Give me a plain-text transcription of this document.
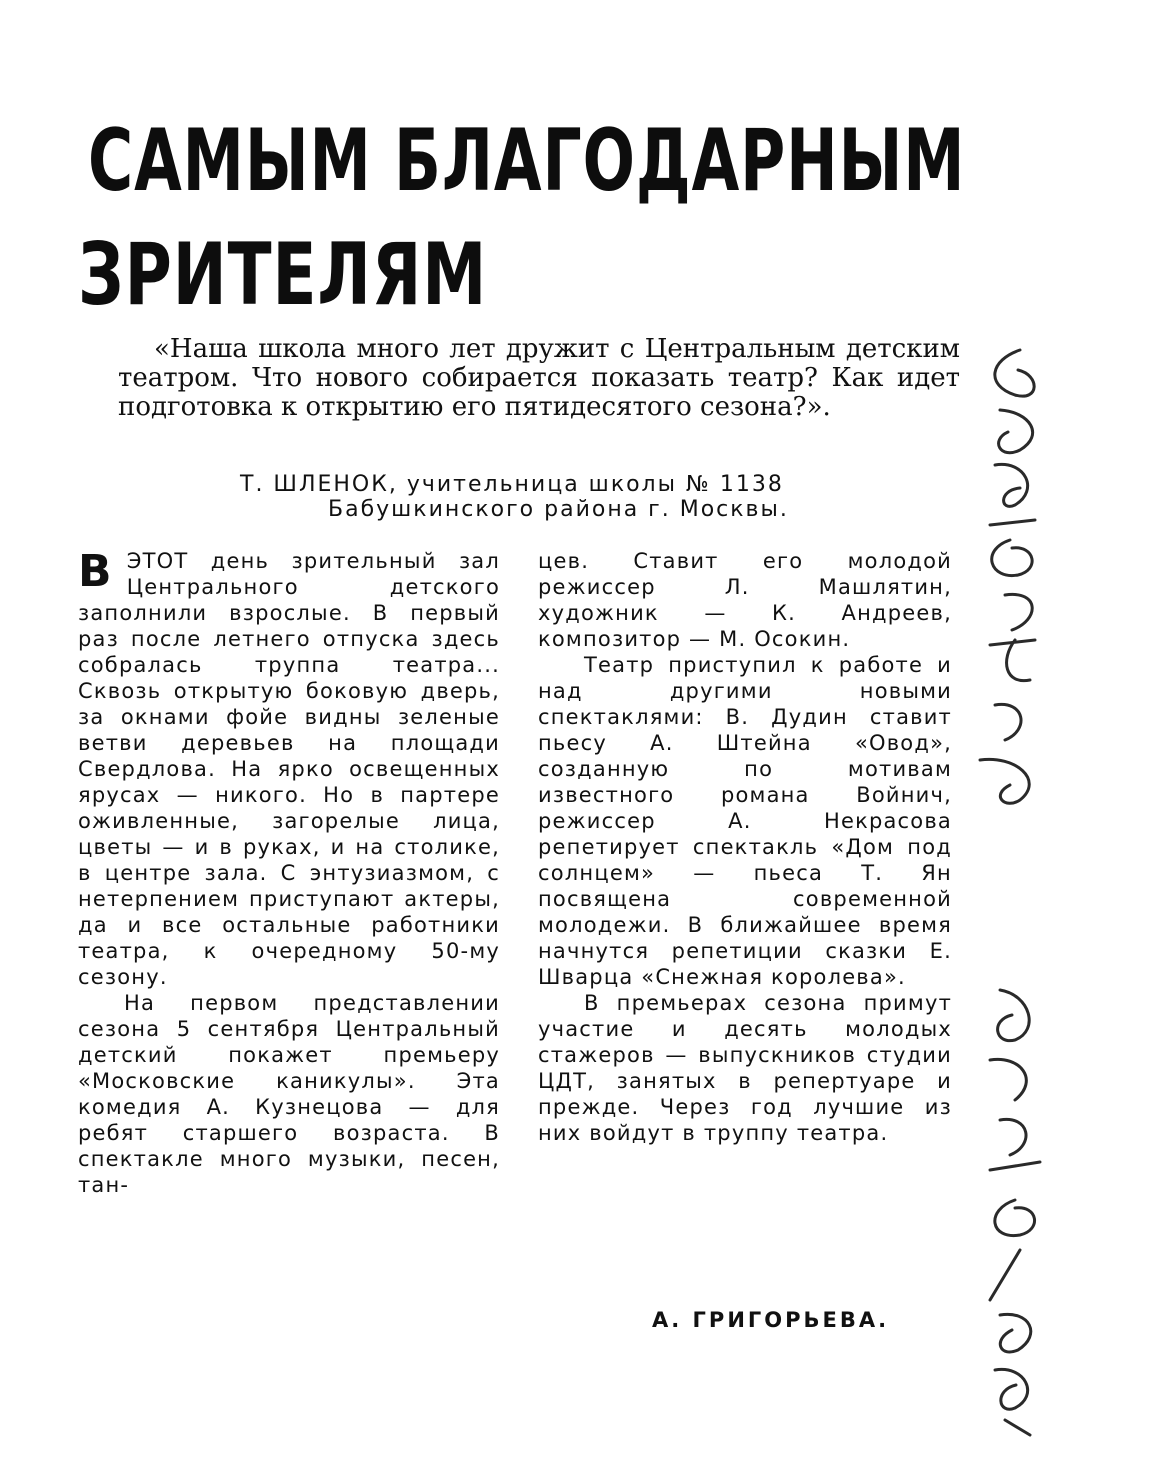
САМЫМ БЛАГОДАРНЫМ
ЗРИТЕЛЯМ

«Наша школа много лет дружит с Центральным детским театром. Что нового собирается показать театр? Как идет подготовка к открытию его пятидесятого сезона?».

Т. ШЛЕНОК, учительница школы № 1138

Бабушкинского района г. Москвы.

ВЭТОТ день зрительный зал Центрального детского заполнили взрослые. В первый раз после летнего отпуска здесь собралась труппа театра... Сквозь открытую боковую дверь, за окнами фойе видны зеленые ветви деревьев на площади Свердлова. На ярко освещенных ярусах — никого. Но в партере оживленные, загорелые лица, цветы — и в руках, и на столике, в центре зала. С энтузиазмом, с нетерпением приступают актеры, да и все остальные работники театра, к очередному 50-му сезону.

На первом представлении сезона 5 сентября Центральный детский покажет премьеру «Московские каникулы». Эта комедия А. Кузнецова — для ребят старшего возраста. В спектакле много музыки, песен, тан-

цев. Ставит его молодой режиссер Л. Машлятин, художник — К. Андреев, композитор — М. Осокин.

Театр приступил к работе и над другими новыми спектаклями: В. Дудин ставит пьесу А. Штейна «Овод», созданную по мотивам известного романа Войнич, режиссер А. Некрасова репетирует спектакль «Дом под солнцем» — пьеса Т. Ян посвящена современной молодежи. В ближайшее время начнутся репетиции сказки Е. Шварца «Снежная королева».

В премьерах сезона примут участие и десять молодых стажеров — выпускников студии ЦДТ, занятых в репертуаре и прежде. Через год лучшие из них войдут в труппу театра.

А. ГРИГОРЬЕВА.
